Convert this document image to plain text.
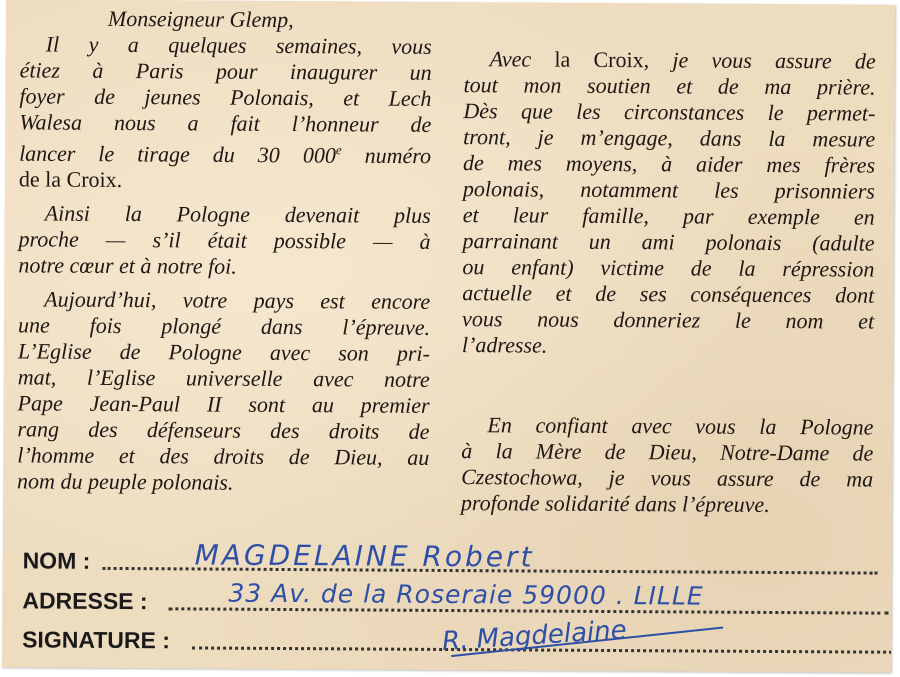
Monseigneur Glemp,

Il y a quelques semaines, vous

étiez à Paris pour inaugurer un

foyer de jeunes Polonais, et Lech

Walesa nous a fait l’honneur de

lancer le tirage du 30 000e numéro

de la Croix.

Ainsi la Pologne devenait plus

proche — s’il était possible — à

notre cœur et à notre foi.

Aujourd’hui, votre pays est encore

une fois plongé dans l’épreuve.

L’Eglise de Pologne avec son pri-

mat, l’Eglise universelle avec notre

Pape Jean-Paul II sont au premier

rang des défenseurs des droits de

l’homme et des droits de Dieu, au

nom du peuple polonais.

Avec la Croix, je vous assure de

tout mon soutien et de ma prière.

Dès que les circonstances le permet-

tront, je m’engage, dans la mesure

de mes moyens, à aider mes frères

polonais, notamment les prisonniers

et leur famille, par exemple en

parrainant un ami polonais (adulte

ou enfant) victime de la répression

actuelle et de ses conséquences dont

vous nous donneriez le nom et

l’adresse.

En confiant avec vous la Pologne

à la Mère de Dieu, Notre-Dame de

Czestochowa, je vous assure de ma

profonde solidarité dans l’épreuve.

NOM :	MAGDELAINE Robert
ADRESSE :	33 Av. de la Roseraie 59000 . LILLE
SIGNATURE :	R. Magdelaine
